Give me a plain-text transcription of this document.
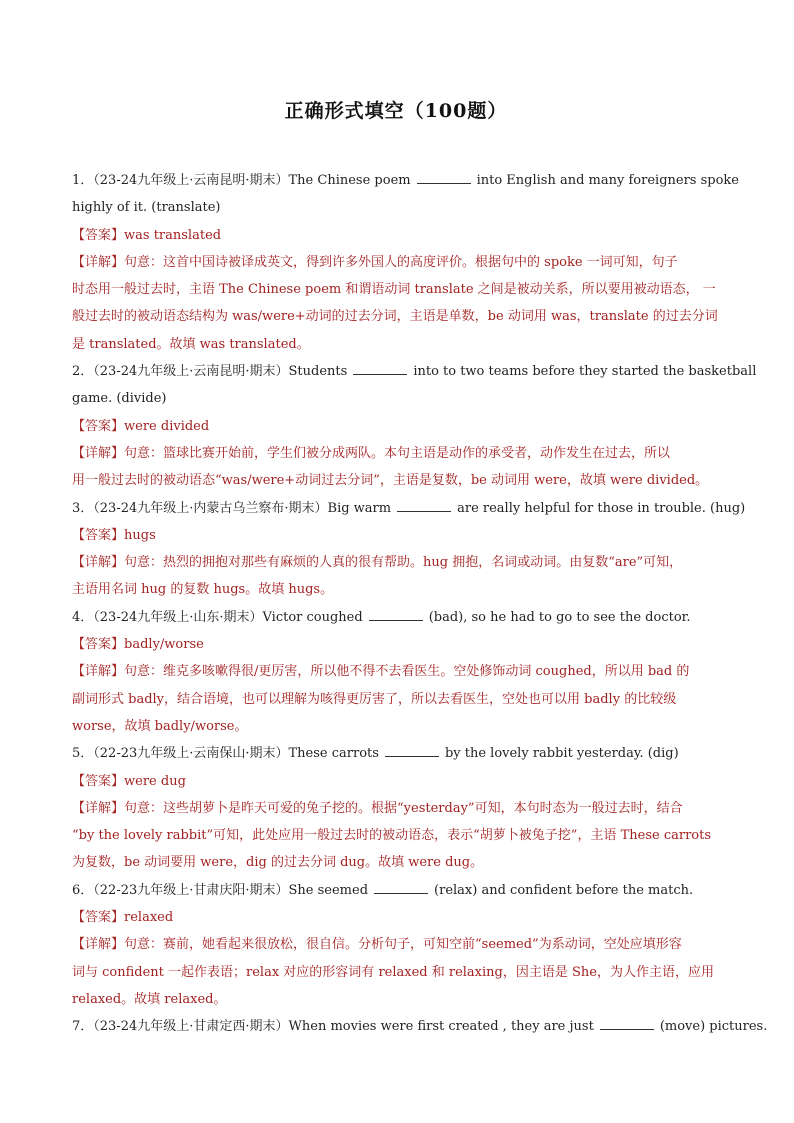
正确形式填空（100题）

1．（23-24九年级上·云南昆明·期末）The Chinese poem	into English and many foreigners spoke

highly of it. (translate)

【答案】was translated

【详解】句意：这首中国诗被译成英文，得到许多外国人的高度评价。根据句中的 spoke 一词可知，句子

时态用一般过去时，主语 The Chinese poem 和谓语动词 translate 之间是被动关系，所以要用被动语态， 一

般过去时的被动语态结构为 was/were+动词的过去分词，主语是单数，be 动词用 was，translate 的过去分词

是 translated。故填 was translated。

2．（23-24九年级上·云南昆明·期末）Students	into to two teams before they started the basketball

game. (divide)

【答案】were divided

【详解】句意：篮球比赛开始前，学生们被分成两队。本句主语是动作的承受者，动作发生在过去，所以

用一般过去时的被动语态“was/were+动词过去分词”，主语是复数，be 动词用 were，故填 were divided。

3．（23-24九年级上·内蒙古乌兰察布·期末）Big warm	are really helpful for those in trouble. (hug)

【答案】hugs

【详解】句意：热烈的拥抱对那些有麻烦的人真的很有帮助。hug 拥抱，名词或动词。由复数“are”可知，

主语用名词 hug 的复数 hugs。故填 hugs。

4．（23-24九年级上·山东·期末）Victor coughed	(bad), so he had to go to see the doctor.

【答案】badly/worse

【详解】句意：维克多咳嗽得很/更厉害，所以他不得不去看医生。空处修饰动词 coughed，所以用 bad 的

副词形式 badly，结合语境，也可以理解为咳得更厉害了，所以去看医生，空处也可以用 badly 的比较级

worse，故填 badly/worse。

5．（22-23九年级上·云南保山·期末）These carrots	by the lovely rabbit yesterday. (dig)

【答案】were dug

【详解】句意：这些胡萝卜是昨天可爱的兔子挖的。根据“yesterday”可知，本句时态为一般过去时，结合

“by the lovely rabbit”可知，此处应用一般过去时的被动语态，表示“胡萝卜被兔子挖”，主语 These carrots

为复数，be 动词要用 were，dig 的过去分词 dug。故填 were dug。

6．（22-23九年级上·甘肃庆阳·期末）She seemed	(relax) and confident before the match.

【答案】relaxed

【详解】句意：赛前，她看起来很放松，很自信。分析句子，可知空前“seemed”为系动词，空处应填形容

词与 confident 一起作表语；relax 对应的形容词有 relaxed 和 relaxing，因主语是 She，为人作主语，应用

relaxed。故填 relaxed。

7．（23-24九年级上·甘肃定西·期末）When movies were first created , they are just	(move) pictures.
